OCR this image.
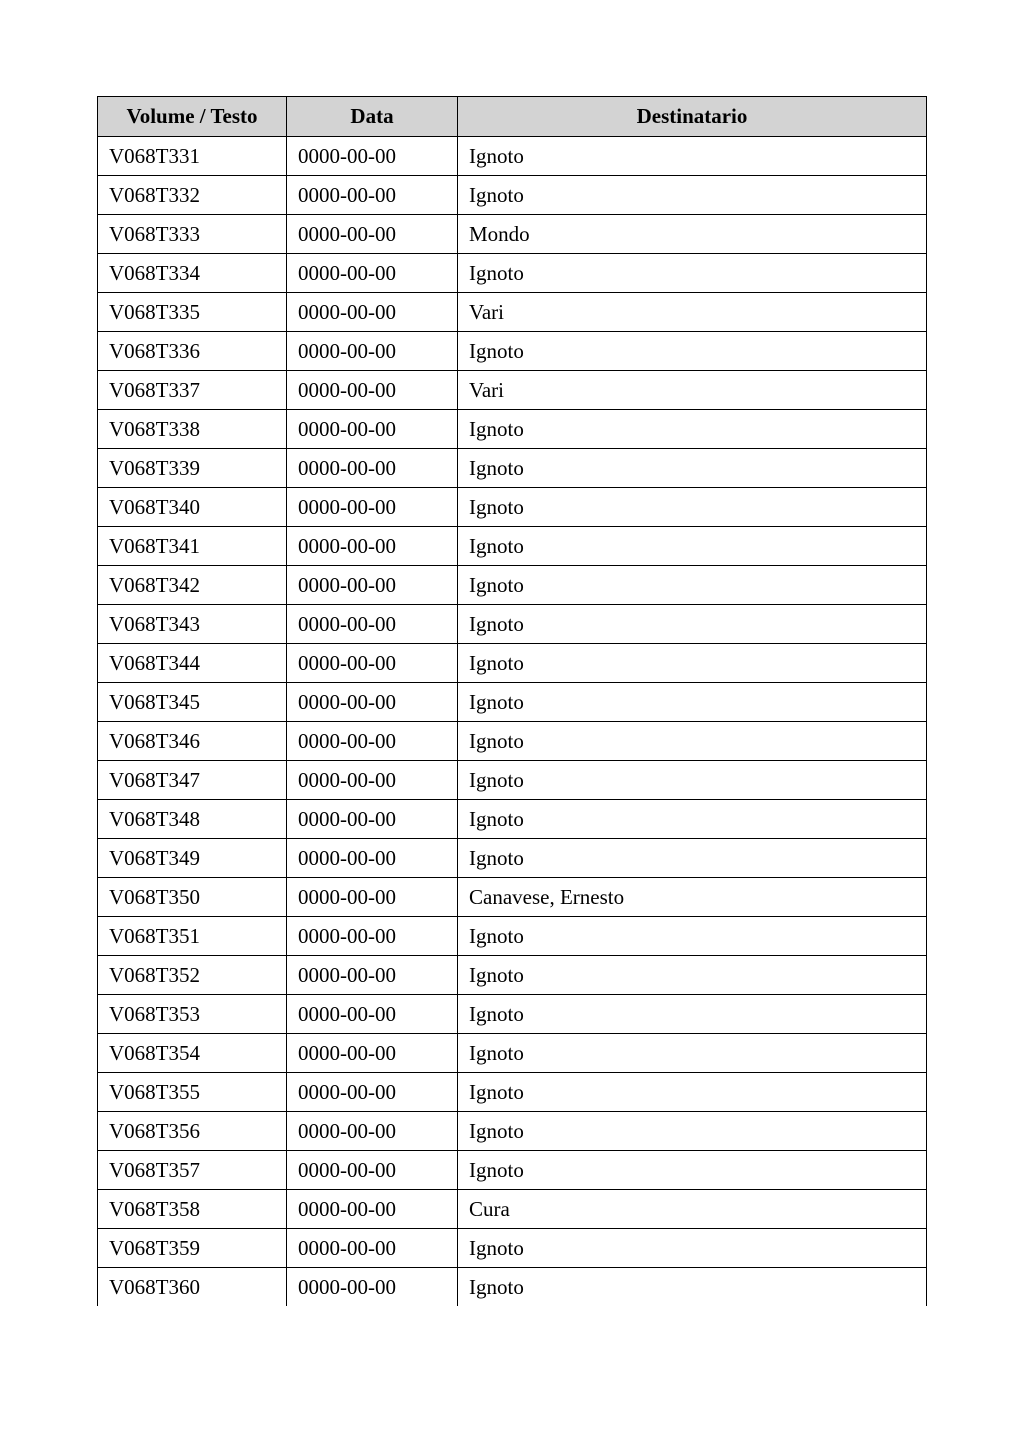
Volume / Testo	Data	Destinatario
V068T331	0000-00-00	Ignoto
V068T332	0000-00-00	Ignoto
V068T333	0000-00-00	Mondo
V068T334	0000-00-00	Ignoto
V068T335	0000-00-00	Vari
V068T336	0000-00-00	Ignoto
V068T337	0000-00-00	Vari
V068T338	0000-00-00	Ignoto
V068T339	0000-00-00	Ignoto
V068T340	0000-00-00	Ignoto
V068T341	0000-00-00	Ignoto
V068T342	0000-00-00	Ignoto
V068T343	0000-00-00	Ignoto
V068T344	0000-00-00	Ignoto
V068T345	0000-00-00	Ignoto
V068T346	0000-00-00	Ignoto
V068T347	0000-00-00	Ignoto
V068T348	0000-00-00	Ignoto
V068T349	0000-00-00	Ignoto
V068T350	0000-00-00	Canavese, Ernesto
V068T351	0000-00-00	Ignoto
V068T352	0000-00-00	Ignoto
V068T353	0000-00-00	Ignoto
V068T354	0000-00-00	Ignoto
V068T355	0000-00-00	Ignoto
V068T356	0000-00-00	Ignoto
V068T357	0000-00-00	Ignoto
V068T358	0000-00-00	Cura
V068T359	0000-00-00	Ignoto
V068T360	0000-00-00	Ignoto
